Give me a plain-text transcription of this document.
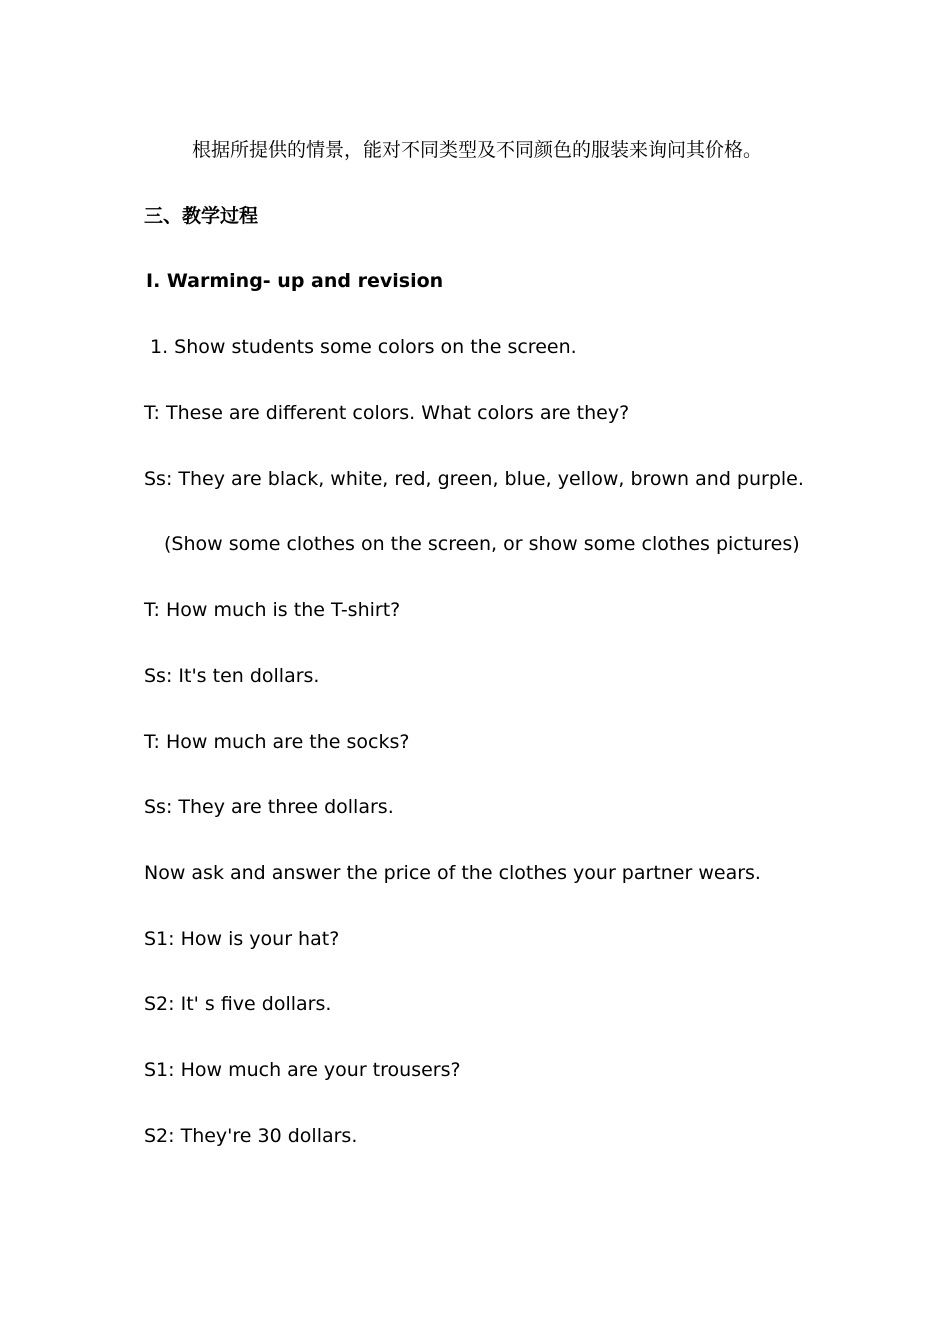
根据所提供的情景，能对不同类型及不同颜色的服装来询问其价格。
三、教学过程
Ⅰ. Warming- up and revision
1. Show students some colors on the screen.
T: These are different colors. What colors are they?
Ss: They are black, white, red, green, blue, yellow, brown and purple.
(Show some clothes on the screen, or show some clothes pictures)
T: How much is the T-shirt?
Ss: It's ten dollars.
T: How much are the socks?
Ss: They are three dollars.
Now ask and answer the price of the clothes your partner wears.
S1: How is your hat?
S2: It' s five dollars.
S1: How much are your trousers?
S2: They're 30 dollars.
